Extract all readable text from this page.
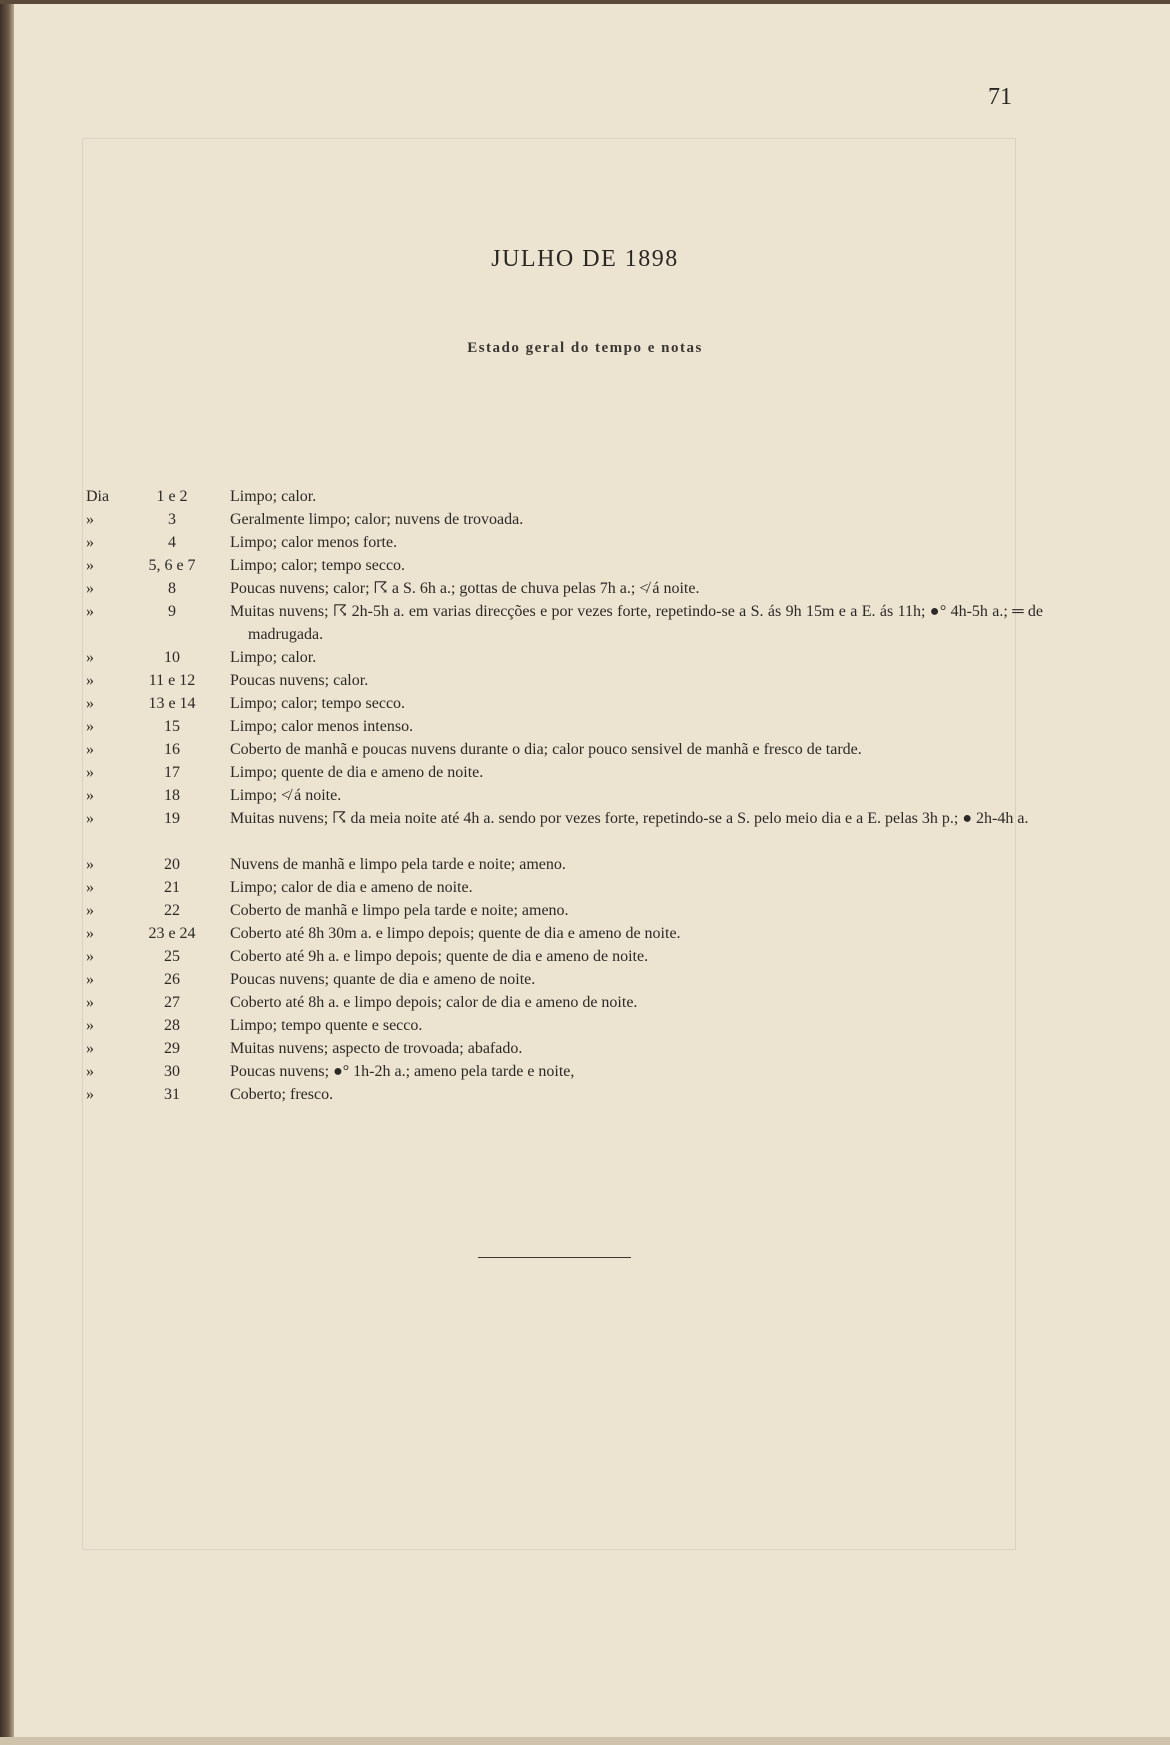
71
JULHO DE 1898
Estado geral do tempo e notas
Dia	1 e 2	Limpo; calor.
»	3	Geralmente limpo; calor; nuvens de trovoada.
»	4	Limpo; calor menos forte.
»	5, 6 e 7	Limpo; calor; tempo secco.
»	8	Poucas nuvens; calor; ☈ a S. 6h a.; gottas de chuva pelas 7h a.; ≮ á noite.
»	9	Muitas nuvens; ☈ 2h-5h a. em varias direcções e por vezes forte, repetindo-se a S. ás 9h 15m e a E. ás 11h; ●° 4h-5h a.; ═ de madrugada.
»	10	Limpo; calor.
»	11 e 12	Poucas nuvens; calor.
»	13 e 14	Limpo; calor; tempo secco.
»	15	Limpo; calor menos intenso.
»	16	Coberto de manhã e poucas nuvens durante o dia; calor pouco sensivel de manhã e fresco de tarde.
»	17	Limpo; quente de dia e ameno de noite.
»	18	Limpo; ≮ á noite.
»	19	Muitas nuvens; ☈ da meia noite até 4h a. sendo por vezes forte, repetindo-se a S. pelo meio dia e a E. pelas 3h p.; ● 2h-4h a.
»	20	Nuvens de manhã e limpo pela tarde e noite; ameno.
»	21	Limpo; calor de dia e ameno de noite.
»	22	Coberto de manhã e limpo pela tarde e noite; ameno.
»	23 e 24	Coberto até 8h 30m a. e limpo depois; quente de dia e ameno de noite.
»	25	Coberto até 9h a. e limpo depois; quente de dia e ameno de noite.
»	26	Poucas nuvens; quante de dia e ameno de noite.
»	27	Coberto até 8h a. e limpo depois; calor de dia e ameno de noite.
»	28	Limpo; tempo quente e secco.
»	29	Muitas nuvens; aspecto de trovoada; abafado.
»	30	Poucas nuvens; ●° 1h-2h a.; ameno pela tarde e noite,
»	31	Coberto; fresco.
